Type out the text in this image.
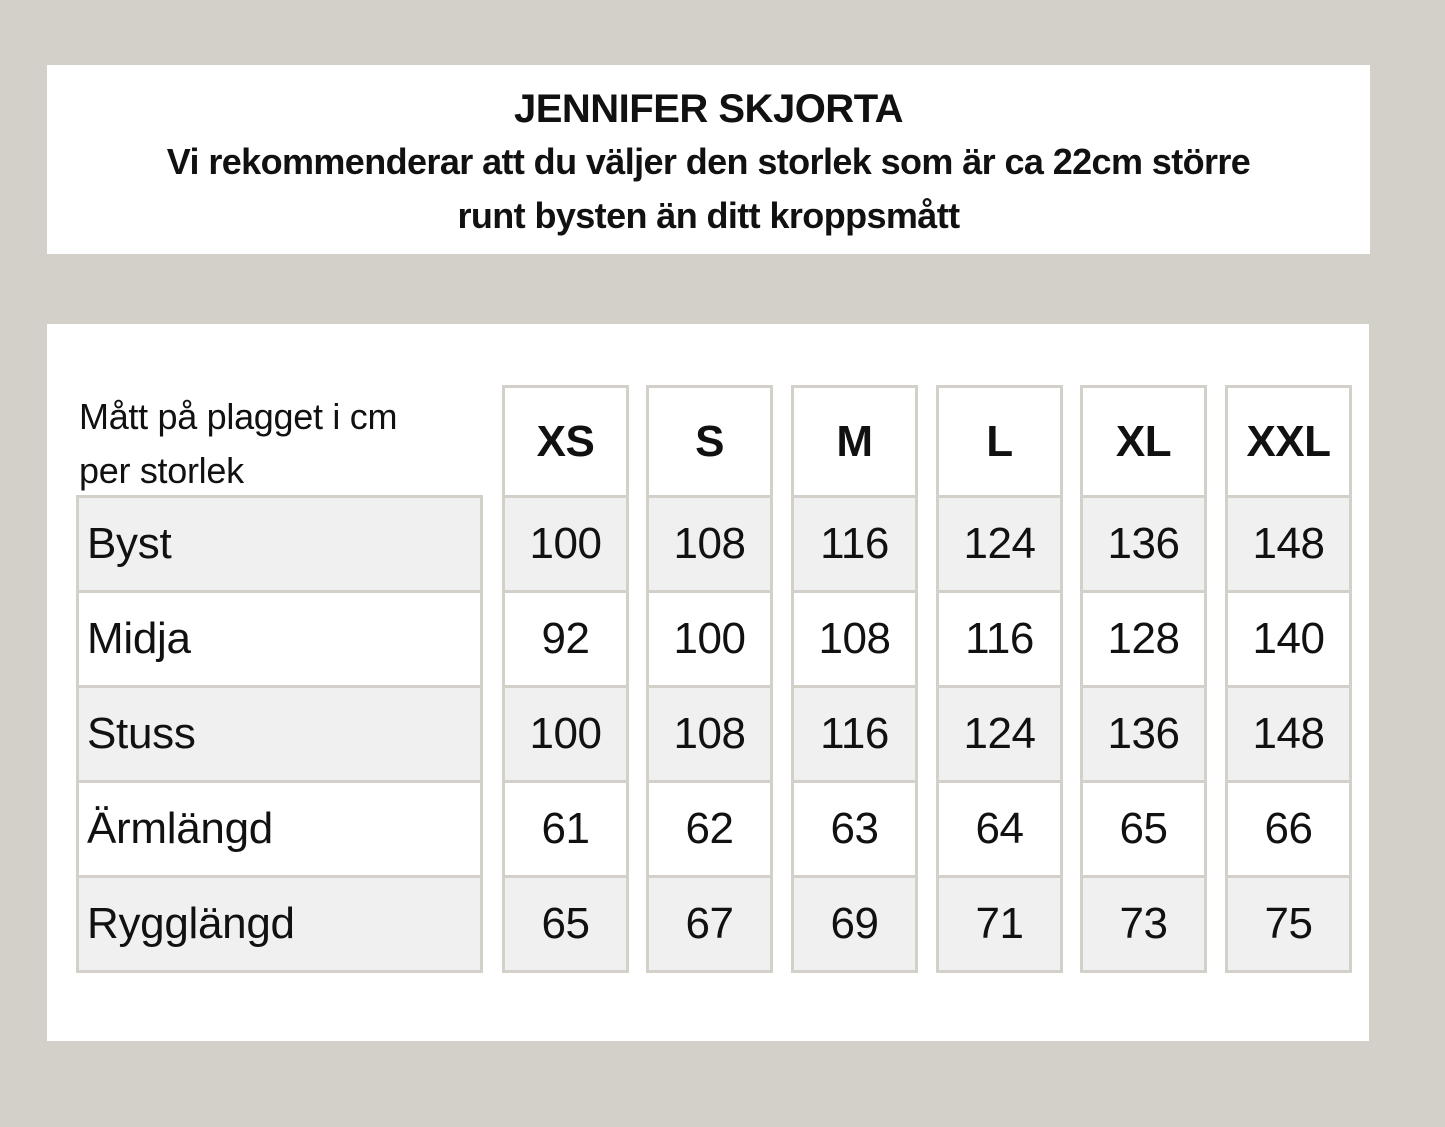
JENNIFER SKJORTA
Vi rekommenderar att du väljer den storlek som är ca 22cm större
runt bysten än ditt kroppsmått
Mått på plagget i cm
per storlek
Byst
Midja
Stuss
Ärmlängd
Rygglängd
XS
100
92
100
61
65
S
108
100
108
62
67
M
116
108
116
63
69
L
124
116
124
64
71
XL
136
128
136
65
73
XXL
148
140
148
66
75
